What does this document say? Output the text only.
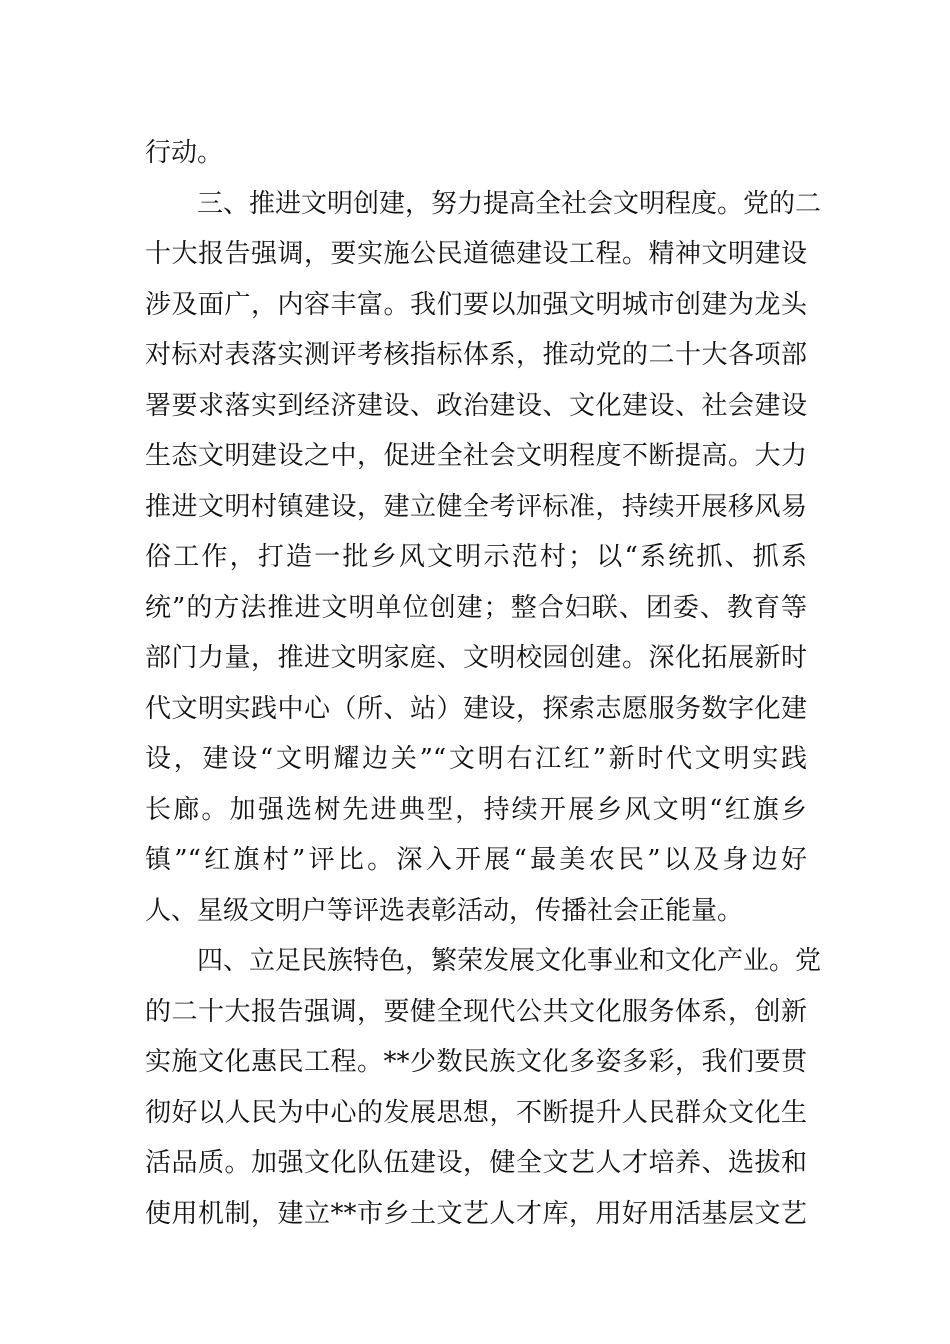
行动。
三、推进文明创建，努力提高全社会文明程度。党的二
十大报告强调，要实施公民道德建设工程。精神文明建设
涉及面广，内容丰富。我们要以加强文明城市创建为龙头
对标对表落实测评考核指标体系，推动党的二十大各项部
署要求落实到经济建设、政治建设、文化建设、社会建设
生态文明建设之中，促进全社会文明程度不断提高。大力
推进文明村镇建设，建立健全考评标准，持续开展移风易
俗工作，打造一批乡风文明示范村；以“系统抓、抓系
统”的方法推进文明单位创建；整合妇联、团委、教育等
部门力量，推进文明家庭、文明校园创建。深化拓展新时
代文明实践中心（所、站）建设，探索志愿服务数字化建
设，建设“文明耀边关”“文明右江红”新时代文明实践
长廊。加强选树先进典型，持续开展乡风文明“红旗乡
镇”“红旗村”评比。深入开展“最美农民”以及身边好
人、星级文明户等评选表彰活动，传播社会正能量。
四、立足民族特色，繁荣发展文化事业和文化产业。党
的二十大报告强调，要健全现代公共文化服务体系，创新
实施文化惠民工程。**少数民族文化多姿多彩，我们要贯
彻好以人民为中心的发展思想，不断提升人民群众文化生
活品质。加强文化队伍建设，健全文艺人才培养、选拔和
使用机制，建立**市乡土文艺人才库，用好用活基层文艺
